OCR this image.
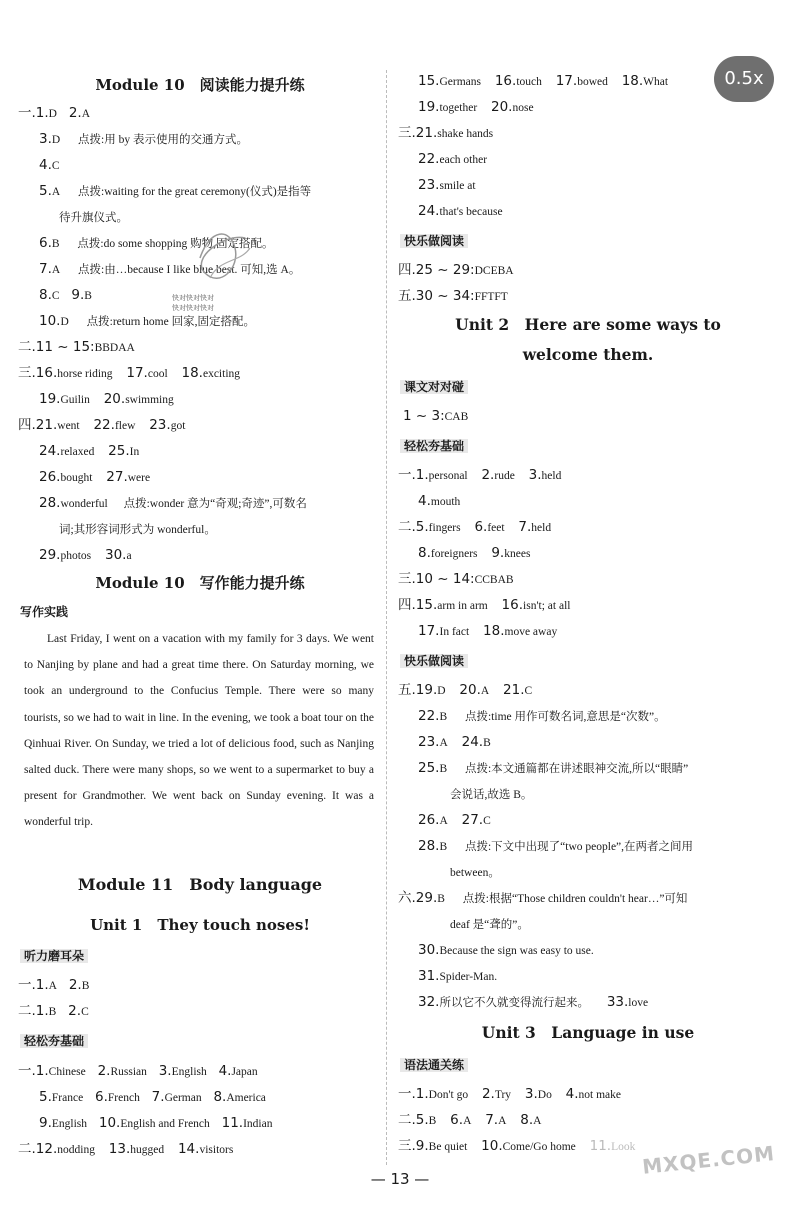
0.5x
Module 10　阅读能力提升练
一.1.D 2.A
3.D 点拨:用 by 表示使用的交通方式。
4.C
5.A 点拨:waiting for the great ceremony(仪式)是指等
待升旗仪式。
6.B 点拨:do some shopping 购物,固定搭配。
7.A 点拨:由…because I like blue best. 可知,选 A。
8.C 9.B
10.D 点拨:return home 回家,固定搭配。
二.11 ~ 15:BBDAA
三.16.horse riding 17.cool 18.exciting
19.Guilin 20.swimming
四.21.went 22.flew 23.got
24.relaxed 25.In
26.bought 27.were
28.wonderful 点拨:wonder 意为“奇观;奇迹”,可数名
词;其形容词形式为 wonderful。
29.photos 30.a
Module 10　写作能力提升练
写作实践

Last Friday, I went on a vacation with my family for 3 days. We went to Nanjing by plane and had a great time there. On Saturday morning, we took an underground to the Confucius Temple. There were so many tourists, so we had to wait in line. In the evening, we took a boat tour on the Qinhuai River. On Sunday, we tried a lot of delicious food, such as Nanjing salted duck. There were many shops, so we went to a supermarket to buy a present for Grandmother. We went back on Sunday evening. It was a wonderful trip.

Module 11　Body language
Unit 1　They touch noses!
听力磨耳朵
一.1.A 2.B
二.1.B 2.C
轻松夯基础
一.1.Chinese 2.Russian 3.English 4.Japan
5.France 6.French 7.German 8.America
9.English 10.English and French 11.Indian
二.12.nodding 13.hugged 14.visitors
快对快对快对
快对快对快对
15.Germans 16.touch 17.bowed 18.What
19.together 20.nose
三.21.shake hands
22.each other
23.smile at
24.that's because
快乐做阅读
四.25 ~ 29:DCEBA
五.30 ~ 34:FFTFT
Unit 2　Here are some ways to
welcome them.
课文对对碰
1 ~ 3:CAB
轻松夯基础
一.1.personal 2.rude 3.held
4.mouth
二.5.fingers 6.feet 7.held
8.foreigners 9.knees
三.10 ~ 14:CCBAB
四.15.arm in arm 16.isn't; at all
17.In fact 18.move away
快乐做阅读
五.19.D 20.A 21.C
22.B 点拨:time 用作可数名词,意思是“次数”。
23.A 24.B
25.B 点拨:本文通篇都在讲述眼神交流,所以“眼睛”
会说话,故选 B。
26.A 27.C
28.B 点拨:下文中出现了“two people”,在两者之间用
between。
六.29.B 点拨:根据“Those children couldn't hear…”可知
deaf 是“聋的”。
30.Because the sign was easy to use.
31.Spider-Man.
32.所以它不久就变得流行起来。 33.love
Unit 3　Language in use
语法通关练
一.1.Don't go 2.Try 3.Do 4.not make
二.5.B 6.A 7.A 8.A
三.9.Be quiet 10.Come/Go home 11.Look MXQE.COM
— 13 —
